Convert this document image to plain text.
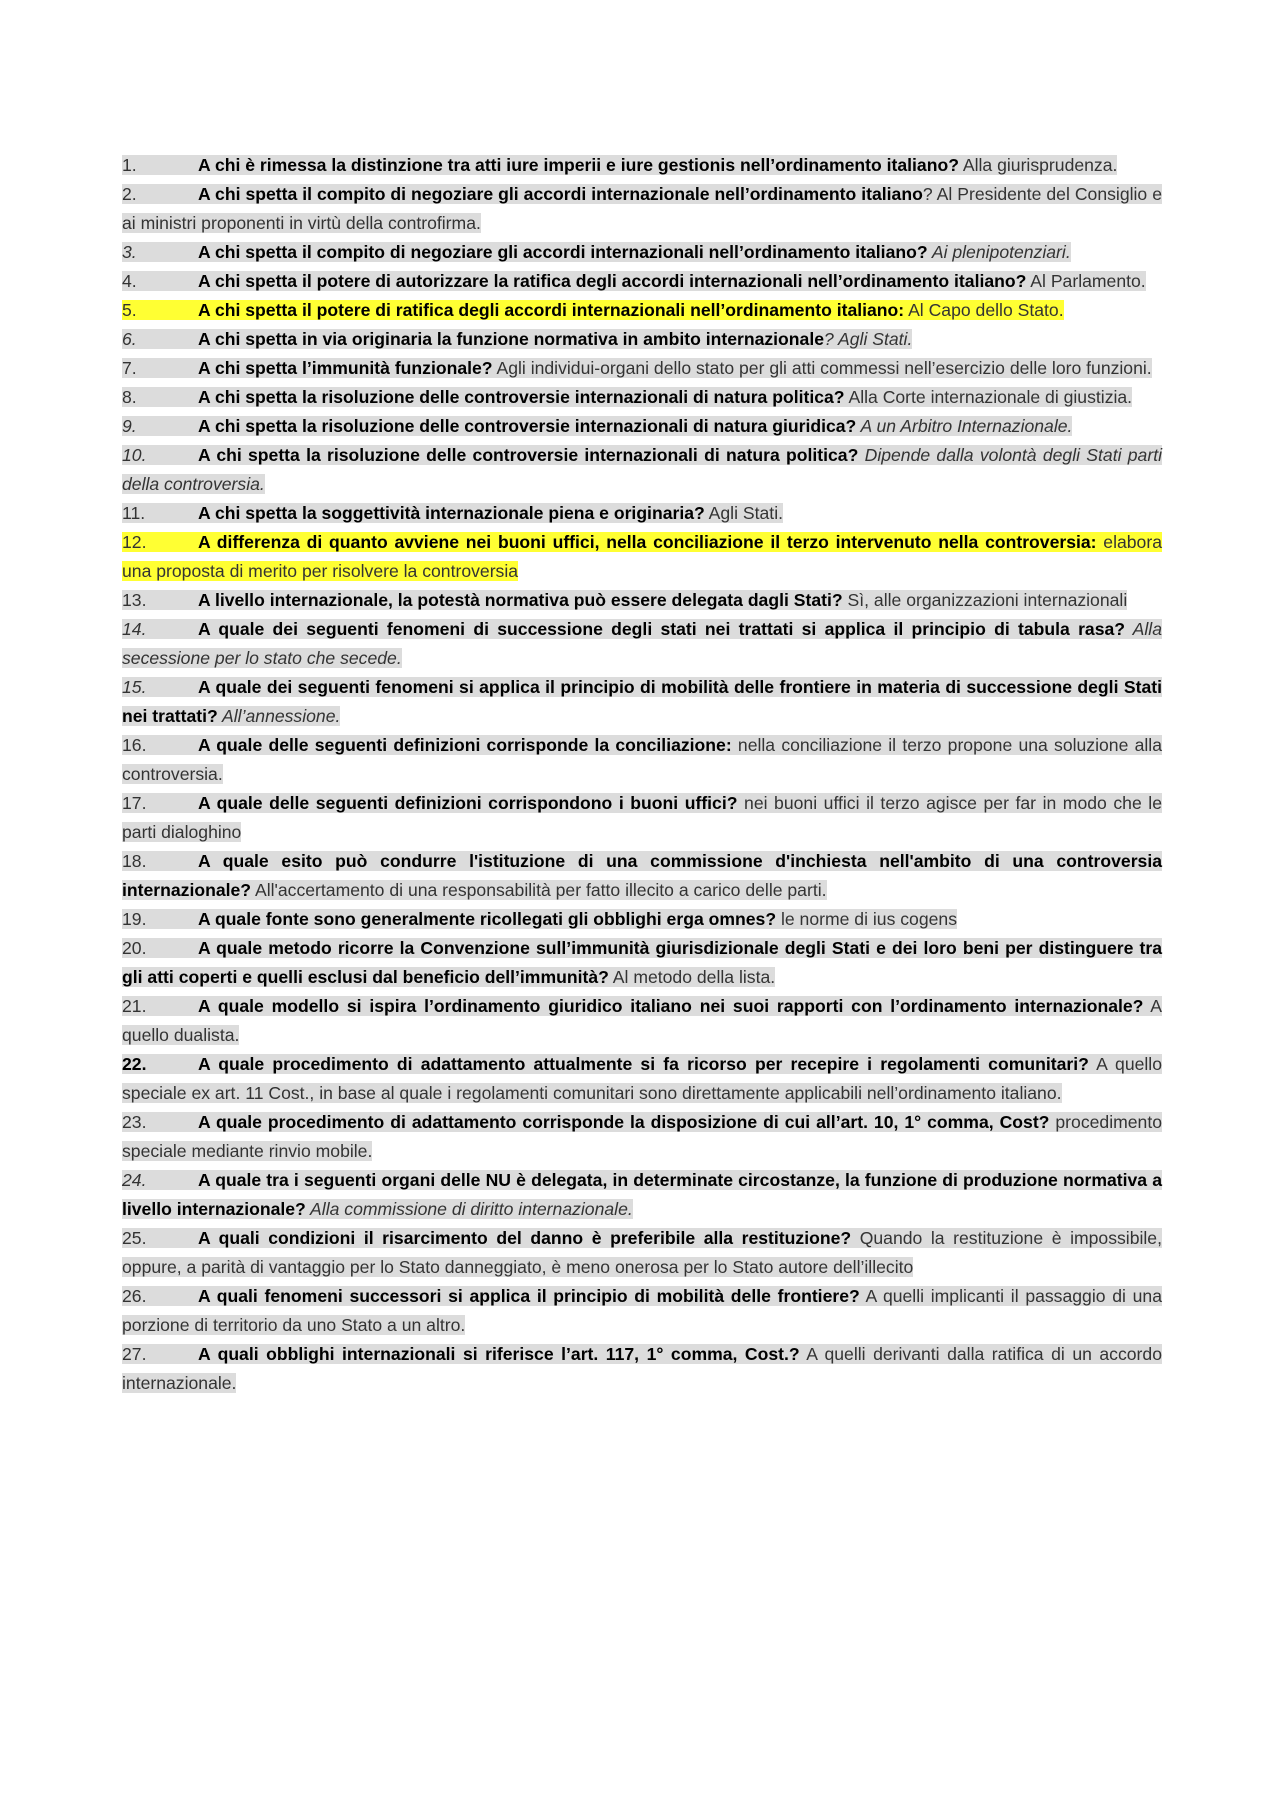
1.	A chi è rimessa la distinzione tra atti iure imperii e iure gestionis nell’ordinamento italiano? Alla giurisprudenza.
2.	A chi spetta il compito di negoziare gli accordi internazionale nell’ordinamento italiano? Al Presidente del Consiglio e ai ministri proponenti in virtù della controfirma.
3.	A chi spetta il compito di negoziare gli accordi internazionali nell’ordinamento italiano? Ai plenipotenziari.
4.	A chi spetta il potere di autorizzare la ratifica degli accordi internazionali nell’ordinamento italiano? Al Parlamento.
5.	A chi spetta il potere di ratifica degli accordi internazionali nell’ordinamento italiano: Al Capo dello Stato.
6.	A chi spetta in via originaria la funzione normativa in ambito internazionale? Agli Stati.
7.	A chi spetta l’immunità funzionale? Agli individui-organi dello stato per gli atti commessi nell’esercizio delle loro funzioni.
8.	A chi spetta la risoluzione delle controversie internazionali di natura politica? Alla Corte internazionale di giustizia.
9.	A chi spetta la risoluzione delle controversie internazionali di natura giuridica? A un Arbitro Internazionale.
10.	A chi spetta la risoluzione delle controversie internazionali di natura politica? Dipende dalla volontà degli Stati parti della controversia.
11.	A chi spetta la soggettività internazionale piena e originaria? Agli Stati.
12.	A differenza di quanto avviene nei buoni uffici, nella conciliazione il terzo intervenuto nella controversia: elabora una proposta di merito per risolvere la controversia
13.	A livello internazionale, la potestà normativa può essere delegata dagli Stati? Sì, alle organizzazioni internazionali
14.	A quale dei seguenti fenomeni di successione degli stati nei trattati si applica il principio di tabula rasa? Alla secessione per lo stato che secede.
15.	A quale dei seguenti fenomeni si applica il principio di mobilità delle frontiere in materia di successione degli Stati nei trattati? All’annessione.
16.	A quale delle seguenti definizioni corrisponde la conciliazione: nella conciliazione il terzo propone una soluzione alla controversia.
17.	A quale delle seguenti definizioni corrispondono i buoni uffici? nei buoni uffici il terzo agisce per far in modo che le parti dialoghino
18.	A quale esito può condurre l'istituzione di una commissione d'inchiesta nell'ambito di una controversia internazionale? All'accertamento di una responsabilità per fatto illecito a carico delle parti.
19.	A quale fonte sono generalmente ricollegati gli obblighi erga omnes? le norme di ius cogens
20.	A quale metodo ricorre la Convenzione sull’immunità giurisdizionale degli Stati e dei loro beni per distinguere tra gli atti coperti e quelli esclusi dal beneficio dell’immunità? Al metodo della lista.
21.	A quale modello si ispira l’ordinamento giuridico italiano nei suoi rapporti con l’ordinamento internazionale? A quello dualista.
22.	A quale procedimento di adattamento attualmente si fa ricorso per recepire i regolamenti comunitari? A quello speciale ex art. 11 Cost., in base al quale i regolamenti comunitari sono direttamente applicabili nell’ordinamento italiano.
23.	A quale procedimento di adattamento corrisponde la disposizione di cui all’art. 10, 1° comma, Cost? procedimento speciale mediante rinvio mobile.
24.	A quale tra i seguenti organi delle NU è delegata, in determinate circostanze, la funzione di produzione normativa a livello internazionale? Alla commissione di diritto internazionale.
25.	A quali condizioni il risarcimento del danno è preferibile alla restituzione? Quando la restituzione è impossibile, oppure, a parità di vantaggio per lo Stato danneggiato, è meno onerosa per lo Stato autore dell’illecito
26.	A quali fenomeni successori si applica il principio di mobilità delle frontiere? A quelli implicanti il passaggio di una porzione di territorio da uno Stato a un altro.
27.	A quali obblighi internazionali si riferisce l’art. 117, 1° comma, Cost.? A quelli derivanti dalla ratifica di un accordo internazionale.
